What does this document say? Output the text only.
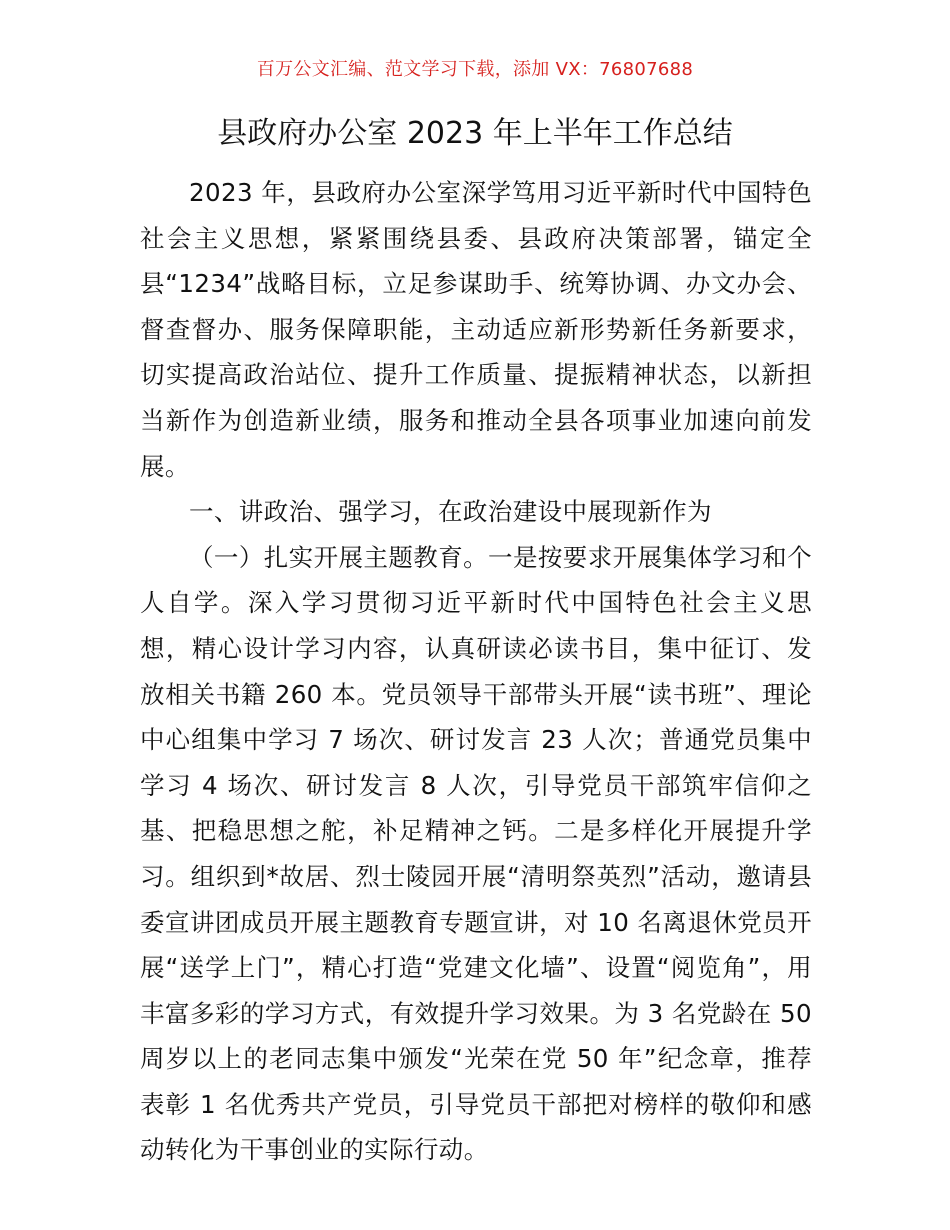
百万公文汇编、范文学习下载，添加 VX：76807688
县政府办公室 2023 年上半年工作总结

2023 年，县政府办公室深学笃用习近平新时代中国特色社会主义思想，紧紧围绕县委、县政府决策部署，锚定全县“1234”战略目标，立足参谋助手、统筹协调、办文办会、督查督办、服务保障职能，主动适应新形势新任务新要求，切实提高政治站位、提升工作质量、提振精神状态，以新担当新作为创造新业绩，服务和推动全县各项事业加速向前发展。

一、讲政治、强学习，在政治建设中展现新作为

（一）扎实开展主题教育。一是按要求开展集体学习和个人自学。深入学习贯彻习近平新时代中国特色社会主义思想，精心设计学习内容，认真研读必读书目，集中征订、发放相关书籍 260 本。党员领导干部带头开展“读书班”、理论中心组集中学习 7 场次、研讨发言 23 人次；普通党员集中学习 4 场次、研讨发言 8 人次，引导党员干部筑牢信仰之基、把稳思想之舵，补足精神之钙。二是多样化开展提升学习。组织到*故居、烈士陵园开展“清明祭英烈”活动，邀请县委宣讲团成员开展主题教育专题宣讲，对 10 名离退休党员开展“送学上门”，精心打造“党建文化墙”、设置“阅览角”，用丰富多彩的学习方式，有效提升学习效果。为 3 名党龄在 50 周岁以上的老同志集中颁发“光荣在党 50 年”纪念章，推荐表彰 1 名优秀共产党员，引导党员干部把对榜样的敬仰和感动转化为干事创业的实际行动。
